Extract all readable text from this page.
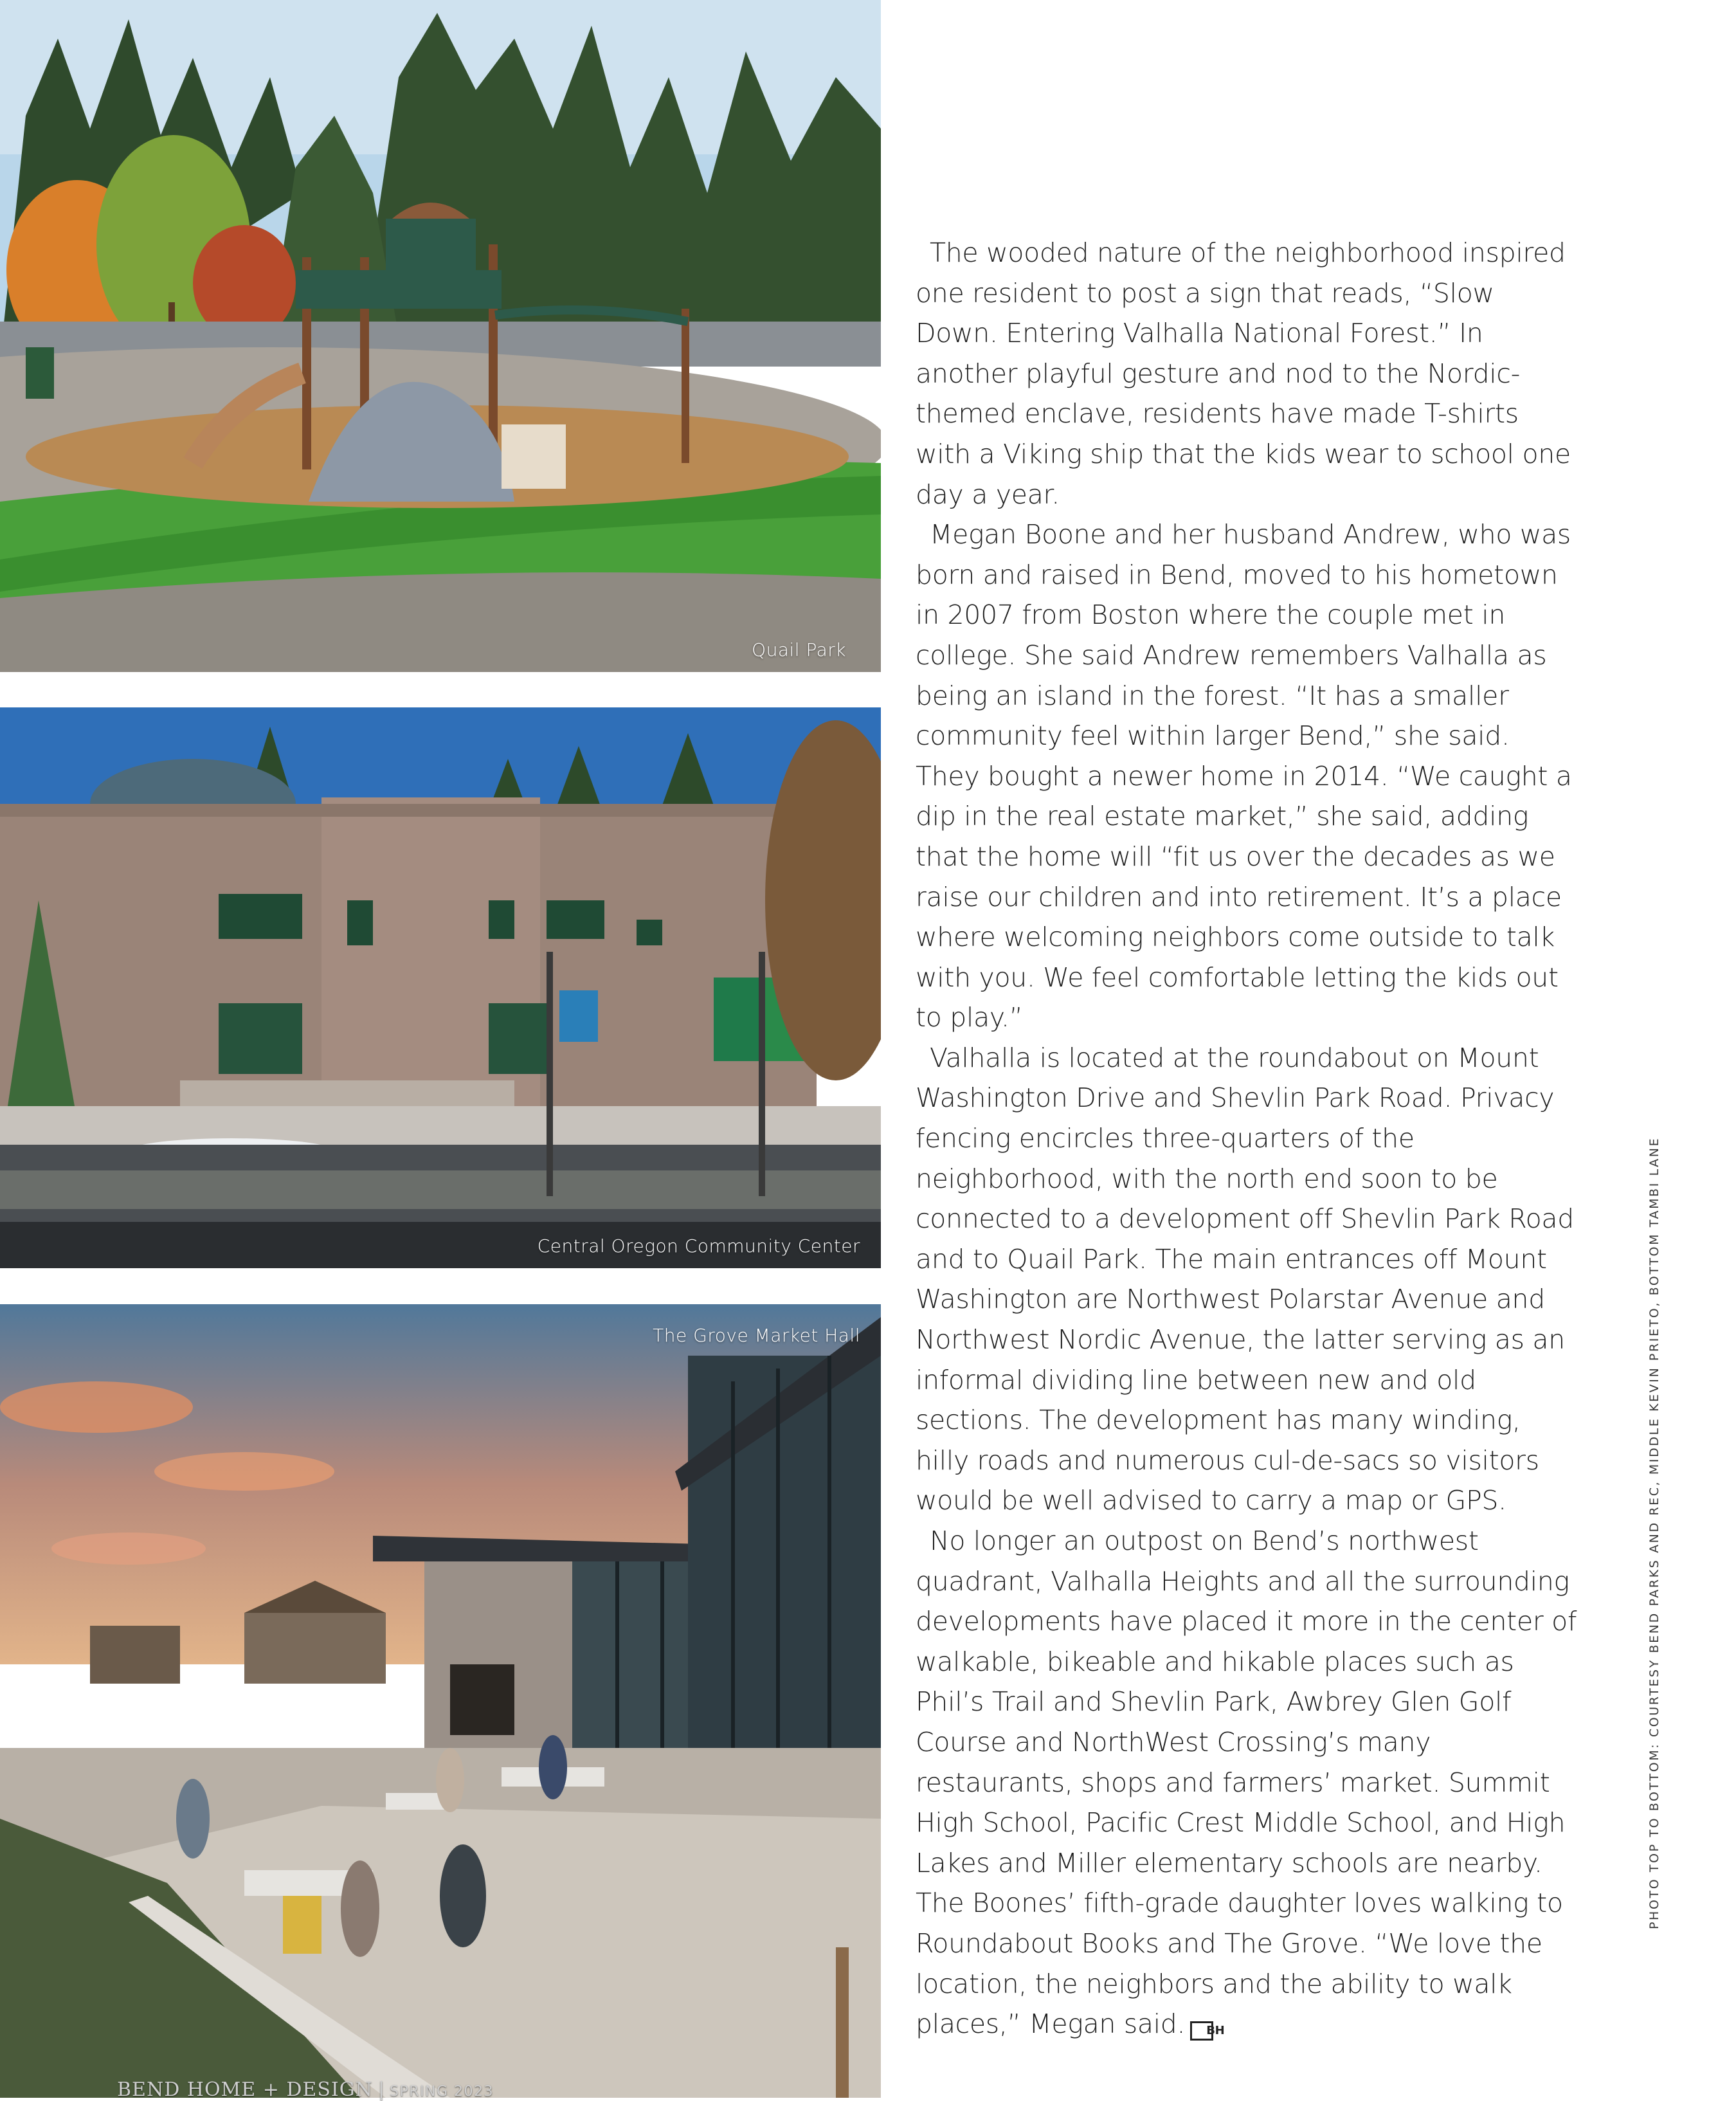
Quail Park
Central Oregon Community Center
The Grove Market Hall

The wooded nature of the neighborhood inspired one resident to post a sign that reads, “Slow Down. Entering Valhalla National Forest.” In another playful gesture and nod to the Nordic-themed enclave, residents have made T-shirts with a Viking ship that the kids wear to school one day a year.

Megan Boone and her husband Andrew, who was born and raised in Bend, moved to his hometown in 2007 from Boston where the couple met in college. She said Andrew remembers Valhalla as being an island in the forest. “It has a smaller community feel within larger Bend,” she said. They bought a newer home in 2014. “We caught a dip in the real estate market,” she said, adding that the home will “fit us over the decades as we raise our children and into retirement. It’s a place where welcoming neighbors come outside to talk with you. We feel comfortable letting the kids out to play.”

Valhalla is located at the roundabout on Mount Washington Drive and Shevlin Park Road. Privacy fencing encircles three-quarters of the neighborhood, with the north end soon to be connected to a development off Shevlin Park Road and to Quail Park. The main entrances off Mount Washington are Northwest Polarstar Avenue and Northwest Nordic Avenue, the latter serving as an informal dividing line between new and old sections. The development has many winding, hilly roads and numerous cul-de-sacs so visitors would be well advised to carry a map or GPS.

No longer an outpost on Bend’s northwest quadrant, Valhalla Heights and all the surrounding developments have placed it more in the center of walkable, bikeable and hikable places such as Phil’s Trail and Shevlin Park, Awbrey Glen Golf Course and NorthWest Crossing’s many restaurants, shops and farmers’ market. Summit High School, Pacific Crest Middle School, and High Lakes and Miller elementary schools are nearby. The Boones’ fifth-grade daughter loves walking to Roundabout Books and The Grove. “We love the location, the neighbors and the ability to walk places,” Megan said. BH

PHOTO TOP TO BOTTOM: COURTESY BEND PARKS AND REC, MIDDLE KEVIN PRIETO, BOTTOM TAMBI LANE
BEND HOME + DESIGN | SPRING 2023
